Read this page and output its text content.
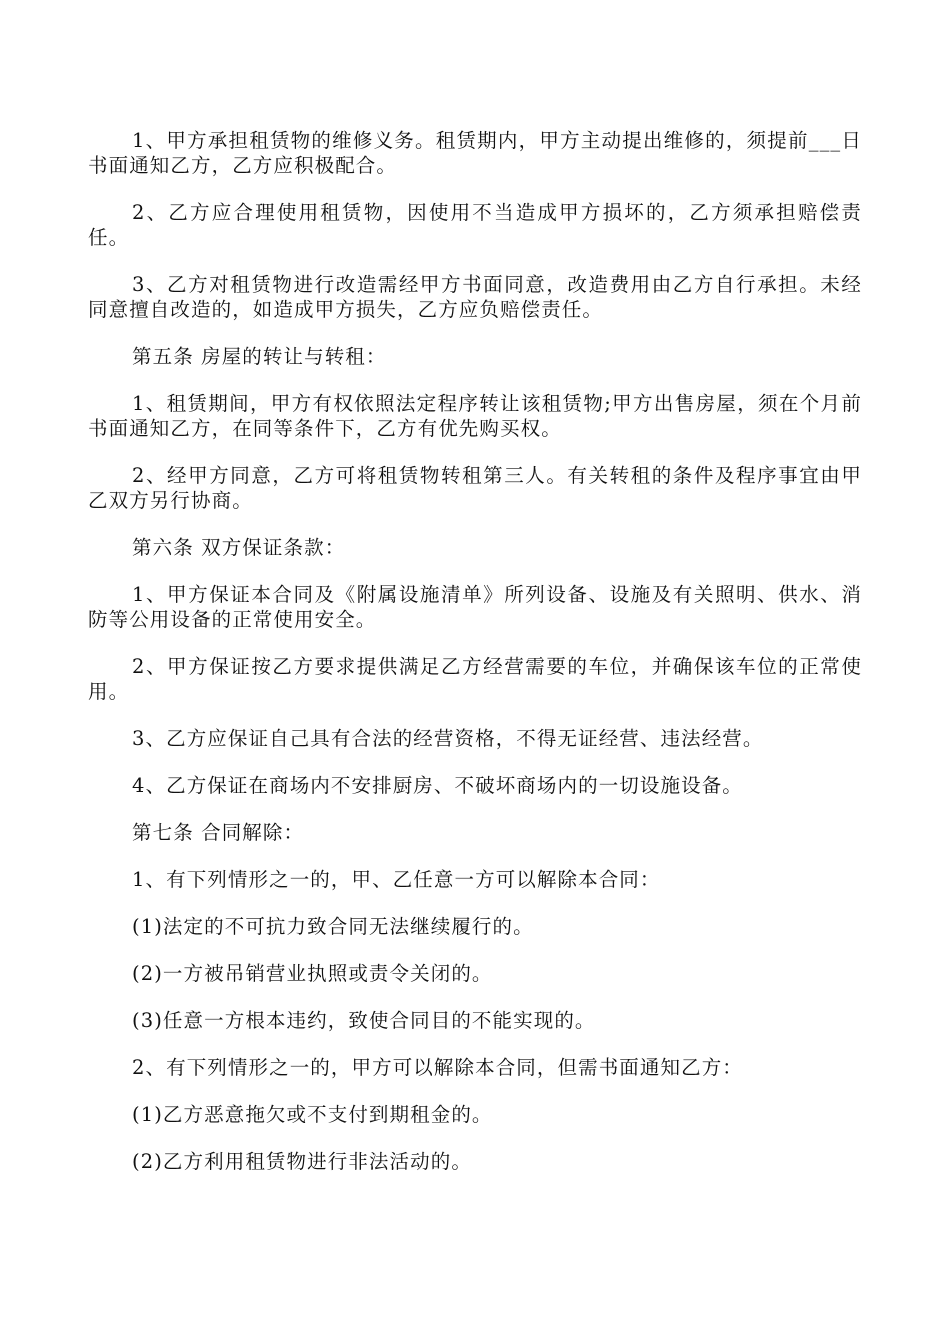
1、甲方承担租赁物的维修义务。租赁期内，甲方主动提出维修的，须提前___日书面通知乙方，乙方应积极配合。

2、乙方应合理使用租赁物，因使用不当造成甲方损坏的，乙方须承担赔偿责任。

3、乙方对租赁物进行改造需经甲方书面同意，改造费用由乙方自行承担。未经同意擅自改造的，如造成甲方损失，乙方应负赔偿责任。

第五条 房屋的转让与转租：

1、租赁期间，甲方有权依照法定程序转让该租赁物;甲方出售房屋，须在个月前书面通知乙方，在同等条件下，乙方有优先购买权。

2、经甲方同意，乙方可将租赁物转租第三人。有关转租的条件及程序事宜由甲乙双方另行协商。

第六条 双方保证条款：

1、甲方保证本合同及《附属设施清单》所列设备、设施及有关照明、供水、消防等公用设备的正常使用安全。

2、甲方保证按乙方要求提供满足乙方经营需要的车位，并确保该车位的正常使用。

3、乙方应保证自己具有合法的经营资格，不得无证经营、违法经营。

4、乙方保证在商场内不安排厨房、不破坏商场内的一切设施设备。

第七条 合同解除：

1、有下列情形之一的，甲、乙任意一方可以解除本合同：

(1)法定的不可抗力致合同无法继续履行的。

(2)一方被吊销营业执照或责令关闭的。

(3)任意一方根本违约，致使合同目的不能实现的。

2、有下列情形之一的，甲方可以解除本合同，但需书面通知乙方：

(1)乙方恶意拖欠或不支付到期租金的。

(2)乙方利用租赁物进行非法活动的。
